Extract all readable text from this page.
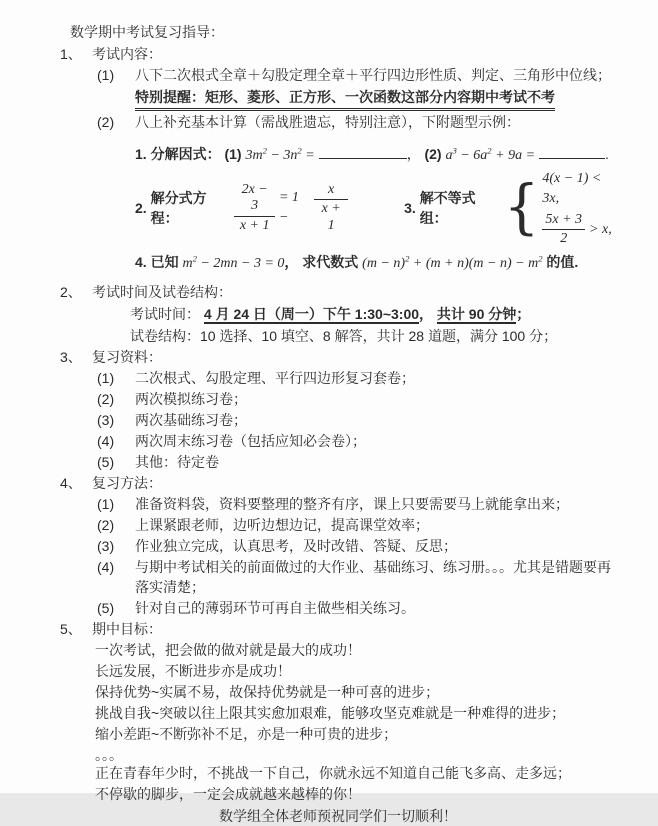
数学期中考试复习指导：
1、 考试内容：
(1)	八下二次根式全章＋勾股定理全章＋平行四边形性质、判定、三角形中位线；
特别提醒：矩形、菱形、正方形、一次函数这部分内容期中考试不考
(2)	八上补充基本计算（需战胜遗忘，特别注意），下附题型示例：
1. 分解因式： (1) $3m^2 - 3n^2$ =	， (2) $a^3 - 6a^2 + 9a$ =	.
2.

解分式方程：	$\frac{2x - 3}{x + 1} = 1$ −	$\frac{x}{x + 1}$	3.

解不等式组：	{ 4(x − 1) < 3x,
$\frac{5x + 3}{2} > x$,
4. 已知 $m^2 - 2mn - 3 = 0$， 求代数式 $(m - n)^2 + (m + n)(m - n) - m^2$ 的值.
2、 考试时间及试卷结构：
考试时间： 4 月 24 日（周一）下午 1:30~3:00， 共计 90 分钟；
试卷结构：10 选择、10 填空、8 解答，共计 28 道题，满分 100 分；
3、 复习资料：
(1)	二次根式、勾股定理、平行四边形复习套卷；
(2)	两次模拟练习卷；
(3)	两次基础练习卷；
(4)	两次周末练习卷（包括应知必会卷）；
(5)	其他：待定卷
4、 复习方法：
(1)	准备资料袋，资料要整理的整齐有序，课上只要需要马上就能拿出来；
(2)	上课紧跟老师，边听边想边记，提高课堂效率；
(3)	作业独立完成，认真思考，及时改错、答疑、反思；
(4)	与期中考试相关的前面做过的大作业、基础练习、练习册。。。尤其是错题要再落实清楚；
(5)	针对自己的薄弱环节可再自主做些相关练习。
5、 期中目标：
一次考试，把会做的做对就是最大的成功！
长远发展，不断进步亦是成功！
保持优势~实属不易，故保持优势就是一种可喜的进步；
挑战自我~突破以往上限其实愈加艰难，能够攻坚克难就是一种难得的进步；
缩小差距~不断弥补不足，亦是一种可贵的进步；
。。。
正在青春年少时，不挑战一下自己，你就永远不知道自己能飞多高、走多远；
不停歇的脚步，一定会成就越来越棒的你！
数学组全体老师预祝同学们一切顺利！
